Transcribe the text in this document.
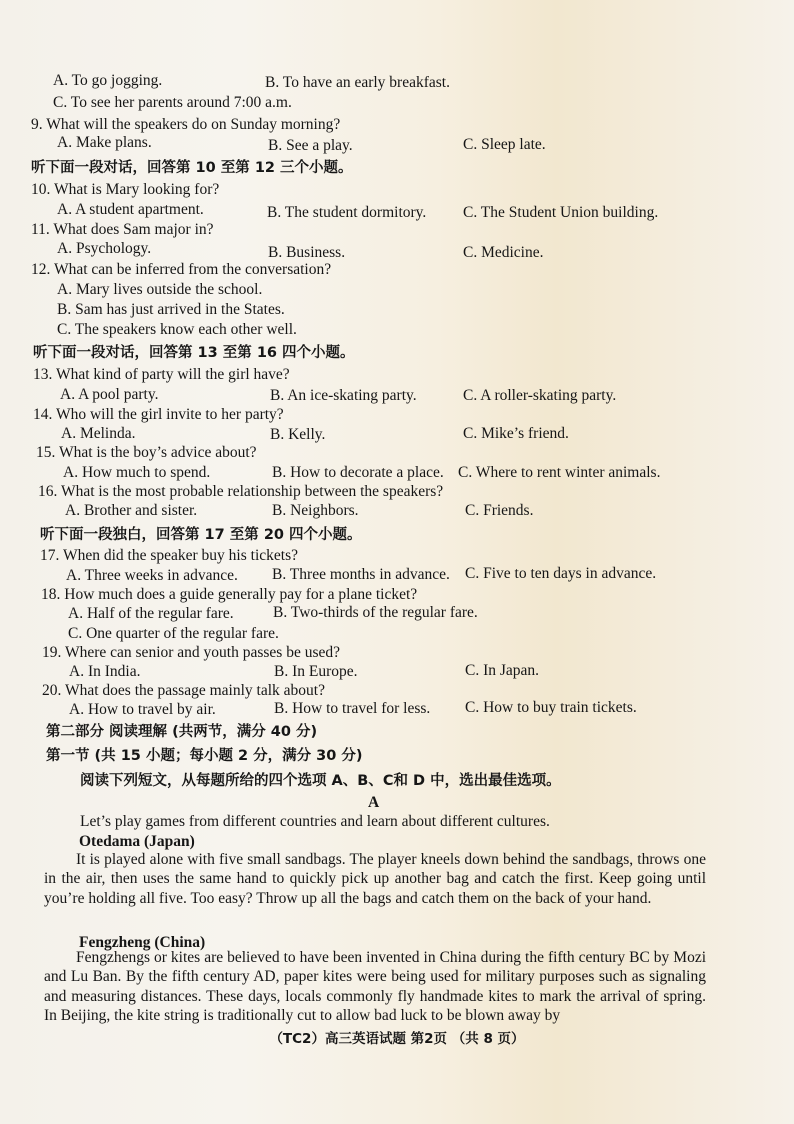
A. To go jogging.	B. To have an early breakfast.
C. To see her parents around 7:00 a.m.
9. What will the speakers do on Sunday morning?
A. Make plans.	B. See a play.	C. Sleep late.
听下面一段对话，回答第 10 至第 12 三个小题。
10. What is Mary looking for?
A. A student apartment.	B. The student dormitory. C. The Student Union building.
11. What does Sam major in?
A. Psychology.	B. Business.	C. Medicine.
12. What can be inferred from the conversation?
A. Mary lives outside the school.
B. Sam has just arrived in the States.
C. The speakers know each other well.
听下面一段对话，回答第 13 至第 16 四个小题。
13. What kind of party will the girl have?
A. A pool party.	B. An ice-skating party.	C. A roller-skating party.
14. Who will the girl invite to her party?
A. Melinda.	B. Kelly.	C. Mike’s friend.
15. What is the boy’s advice about?
A. How much to spend.	B. How to decorate a place. C. Where to rent winter animals.
16. What is the most probable relationship between the speakers?
A. Brother and sister.	B. Neighbors.	C. Friends.
听下面一段独白，回答第 17 至第 20 四个小题。
17. When did the speaker buy his tickets?
A. Three weeks in advance. B. Three months in advance. C. Five to ten days in advance.
18. How much does a guide generally pay for a plane ticket?
A. Half of the regular fare.	B. Two-thirds of the regular fare.
C. One quarter of the regular fare.
19. Where can senior and youth passes be used?
A. In India.	B. In Europe.	C. In Japan.
20. What does the passage mainly talk about?
A. How to travel by air.	B. How to travel for less. C. How to buy train tickets.
第二部分 阅读理解 (共两节，满分 40 分)
第一节 (共 15 小题；每小题 2 分，满分 30 分)
阅读下列短文，从每题所给的四个选项 A、B、C和 D 中，选出最佳选项。
A
Let’s play games from different countries and learn about different cultures.
Otedama (Japan)
It is played alone with five small sandbags. The player kneels down behind the sandbags, throws one in the air, then uses the same hand to quickly pick up another bag and catch the first. Keep going until you’re holding all five. Too easy? Throw up all the bags and catch them on the back of your hand.
Fengzheng (China)
Fengzhengs or kites are believed to have been invented in China during the fifth century BC by Mozi and Lu Ban. By the fifth century AD, paper kites were being used for military purposes such as signaling and measuring distances. These days, locals commonly fly handmade kites to mark the arrival of spring. In Beijing, the kite string is traditionally cut to allow bad luck to be blown away by
（TC2）高三英语试题 第2页 （共 8 页）
